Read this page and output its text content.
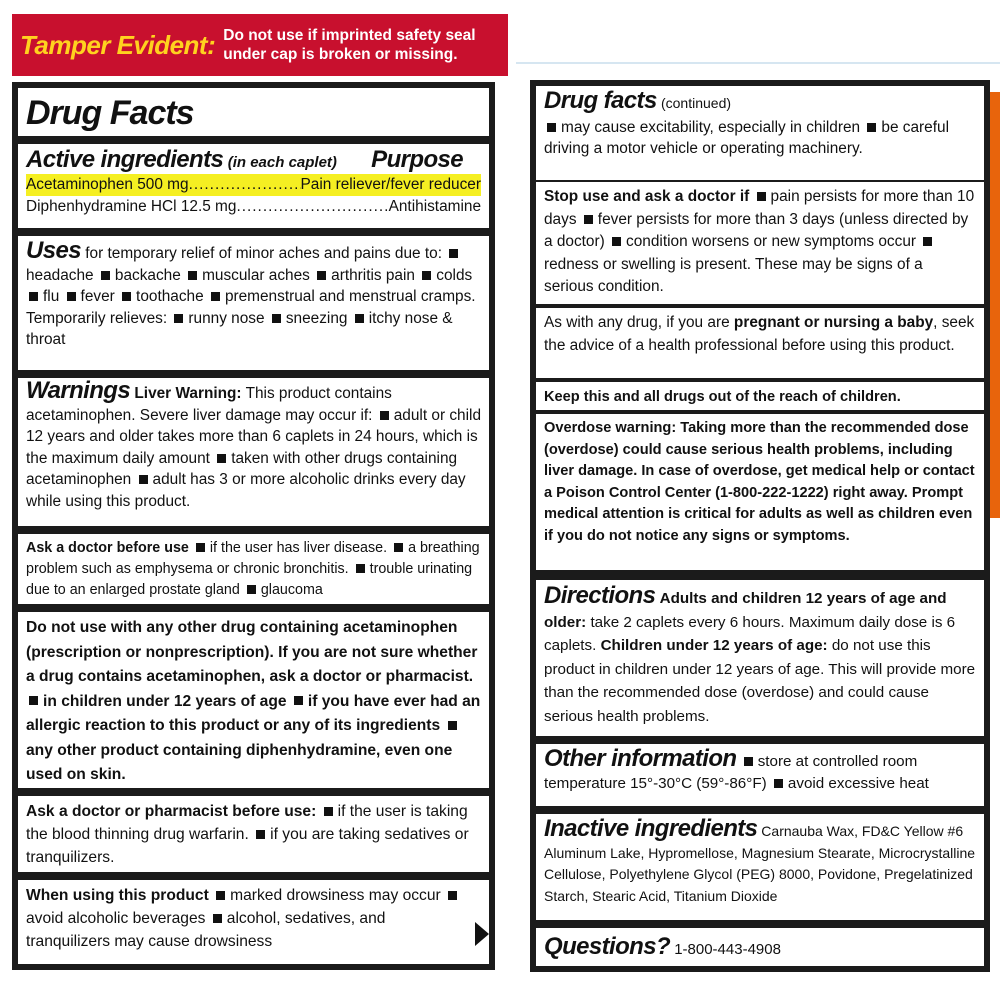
Tamper Evident: Do not use if imprinted safety seal
under cap is broken or missing.
Drug Facts
Active ingredients (in each caplet) Purpose
Acetaminophen 500 mg .....	Pain reliever/fever reducer
Diphenhydramine HCl 12.5 mg .....	Antihistamine
Uses for temporary relief of minor aches and pains due to: headache backache muscular aches arthritis pain colds flu fever toothache premenstrual and menstrual cramps. Temporarily relieves: runny nose sneezing itchy nose & throat
Warnings Liver Warning: This product contains acetaminophen. Severe liver damage may occur if: adult or child 12 years and older takes more than 6 caplets in 24 hours, which is the maximum daily amount taken with other drugs containing acetaminophen adult has 3 or more alcoholic drinks every day while using this product.
Ask a doctor before use if the user has liver disease. a breathing problem such as emphysema or chronic bronchitis. trouble urinating due to an enlarged prostate gland glaucoma
Do not use with any other drug containing acetaminophen (prescription or nonprescription). If you are not sure whether a drug contains acetaminophen, ask a doctor or pharmacist. in children under 12 years of age if you have ever had an allergic reaction to this product or any of its ingredients any other product containing diphenhydramine, even one used on skin.
Ask a doctor or pharmacist before use: if the user is taking the blood thinning drug warfarin. if you are taking sedatives or tranquilizers.
When using this product marked drowsiness may occur avoid alcoholic beverages alcohol, sedatives, and tranquilizers may cause drowsiness
Drug facts (continued)
may cause excitability, especially in children be careful driving a motor vehicle or operating machinery.
Stop use and ask a doctor if pain persists for more than 10 days fever persists for more than 3 days (unless directed by a doctor) condition worsens or new symptoms occur redness or swelling is present. These may be signs of a serious condition.
As with any drug, if you are pregnant or nursing a baby, seek the advice of a health professional before using this product.
Keep this and all drugs out of the reach of children.
Overdose warning: Taking more than the recommended dose (overdose) could cause serious health problems, including liver damage. In case of overdose, get medical help or contact a Poison Control Center (1-800-222-1222) right away. Prompt medical attention is critical for adults as well as children even if you do not notice any signs or symptoms.
Directions Adults and children 12 years of age and older: take 2 caplets every 6 hours. Maximum daily dose is 6 caplets. Children under 12 years of age: do not use this product in children under 12 years of age. This will provide more than the recommended dose (overdose) and could cause serious health problems.
Other information store at controlled room temperature 15°-30°C (59°-86°F) avoid excessive heat
Inactive ingredients Carnauba Wax, FD&C Yellow #6 Aluminum Lake, Hypromellose, Magnesium Stearate, Microcrystalline Cellulose, Polyethylene Glycol (PEG) 8000, Povidone, Pregelatinized Starch, Stearic Acid, Titanium Dioxide
Questions? 1-800-443-4908
